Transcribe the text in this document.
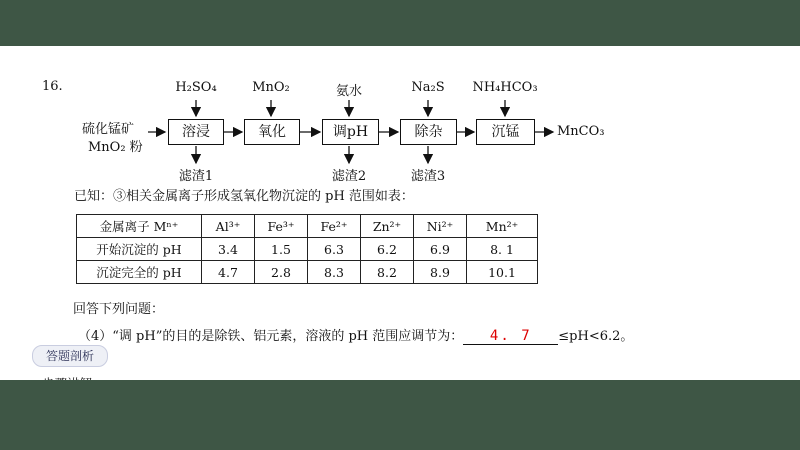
16.
硫化锰矿
MnO₂ 粉
H₂SO₄	MnO₂	氨水	Na₂S	NH₄HCO₃
溶浸	氧化	调pH	除杂	沉锰	MnCO₃
滤渣1	滤渣2	滤渣3
已知：③相关金属离子形成氢氧化物沉淀的 pH 范围如表：
金属离子 Mⁿ⁺	Al³⁺	Fe³⁺	Fe²⁺	Zn²⁺	Ni²⁺	Mn²⁺
开始沉淀的 pH	3.4	1.5	6.3	6.2	6.9	8. 1
沉淀完全的 pH	4.7	2.8	8.3	8.2	8.9	10.1
回答下列问题：
（4）“调 pH”的目的是除铁、铝元素，溶液的 pH 范围应调节为： 4. 7 ≤pH<6.2。
答题剖析
